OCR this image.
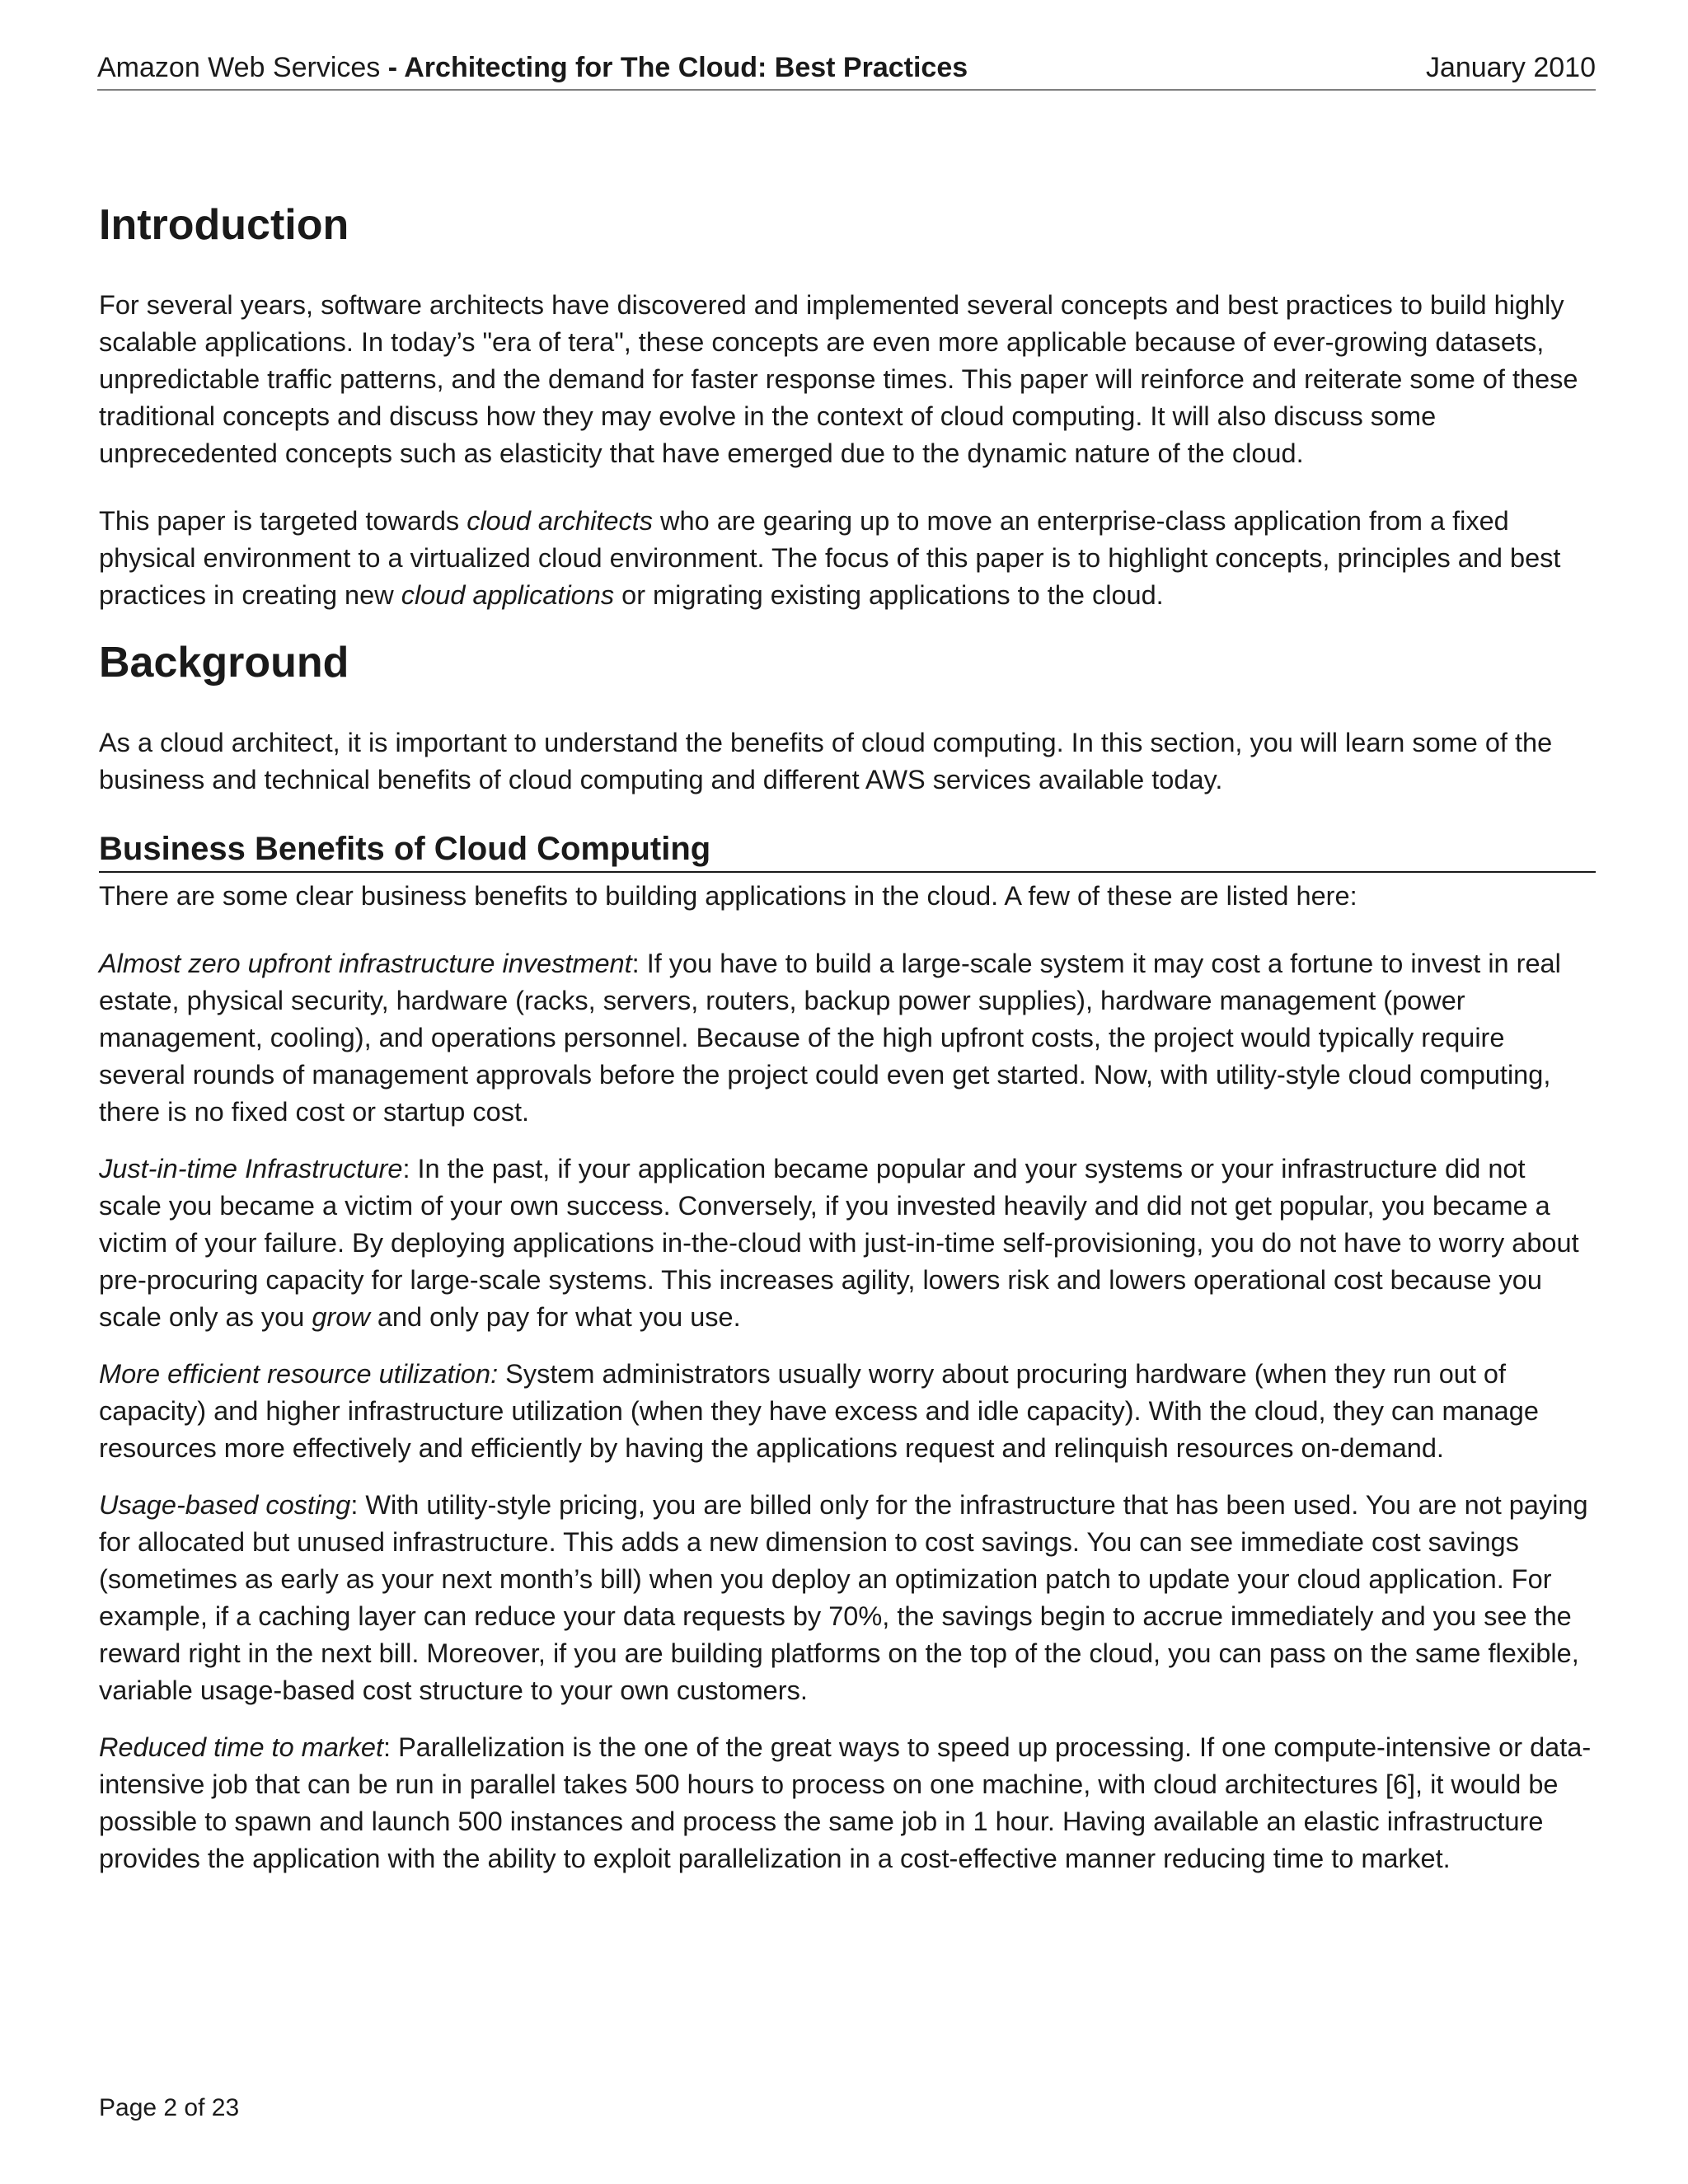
Amazon Web Services - Architecting for The Cloud: Best Practices	January 2010
Introduction

For several years, software architects have discovered and implemented several concepts and best practices to build highly scalable applications. In today’s "era of tera", these concepts are even more applicable because of ever-growing datasets, unpredictable traffic patterns, and the demand for faster response times. This paper will reinforce and reiterate some of these traditional concepts and discuss how they may evolve in the context of cloud computing. It will also discuss some unprecedented concepts such as elasticity that have emerged due to the dynamic nature of the cloud.

This paper is targeted towards cloud architects who are gearing up to move an enterprise-class application from a fixed physical environment to a virtualized cloud environment. The focus of this paper is to highlight concepts, principles and best practices in creating new cloud applications or migrating existing applications to the cloud.

Background

As a cloud architect, it is important to understand the benefits of cloud computing. In this section, you will learn some of the business and technical benefits of cloud computing and different AWS services available today.

Business Benefits of Cloud Computing

There are some clear business benefits to building applications in the cloud. A few of these are listed here:

Almost zero upfront infrastructure investment: If you have to build a large-scale system it may cost a fortune to invest in real estate, physical security, hardware (racks, servers, routers, backup power supplies), hardware management (power management, cooling), and operations personnel. Because of the high upfront costs, the project would typically require several rounds of management approvals before the project could even get started. Now, with utility-style cloud computing, there is no fixed cost or startup cost.

Just-in-time Infrastructure: In the past, if your application became popular and your systems or your infrastructure did not scale you became a victim of your own success. Conversely, if you invested heavily and did not get popular, you became a victim of your failure. By deploying applications in-the-cloud with just-in-time self-provisioning, you do not have to worry about pre-procuring capacity for large-scale systems. This increases agility, lowers risk and lowers operational cost because you scale only as you grow and only pay for what you use.

More efficient resource utilization: System administrators usually worry about procuring hardware (when they run out of capacity) and higher infrastructure utilization (when they have excess and idle capacity). With the cloud, they can manage resources more effectively and efficiently by having the applications request and relinquish resources on-demand.

Usage-based costing: With utility-style pricing, you are billed only for the infrastructure that has been used. You are not paying for allocated but unused infrastructure. This adds a new dimension to cost savings. You can see immediate cost savings (sometimes as early as your next month’s bill) when you deploy an optimization patch to update your cloud application. For example, if a caching layer can reduce your data requests by 70%, the savings begin to accrue immediately and you see the reward right in the next bill. Moreover, if you are building platforms on the top of the cloud, you can pass on the same flexible, variable usage-based cost structure to your own customers.

Reduced time to market: Parallelization is the one of the great ways to speed up processing. If one compute-intensive or data-intensive job that can be run in parallel takes 500 hours to process on one machine, with cloud architectures [6], it would be possible to spawn and launch 500 instances and process the same job in 1 hour. Having available an elastic infrastructure provides the application with the ability to exploit parallelization in a cost-effective manner reducing time to market.

Page 2 of 23
